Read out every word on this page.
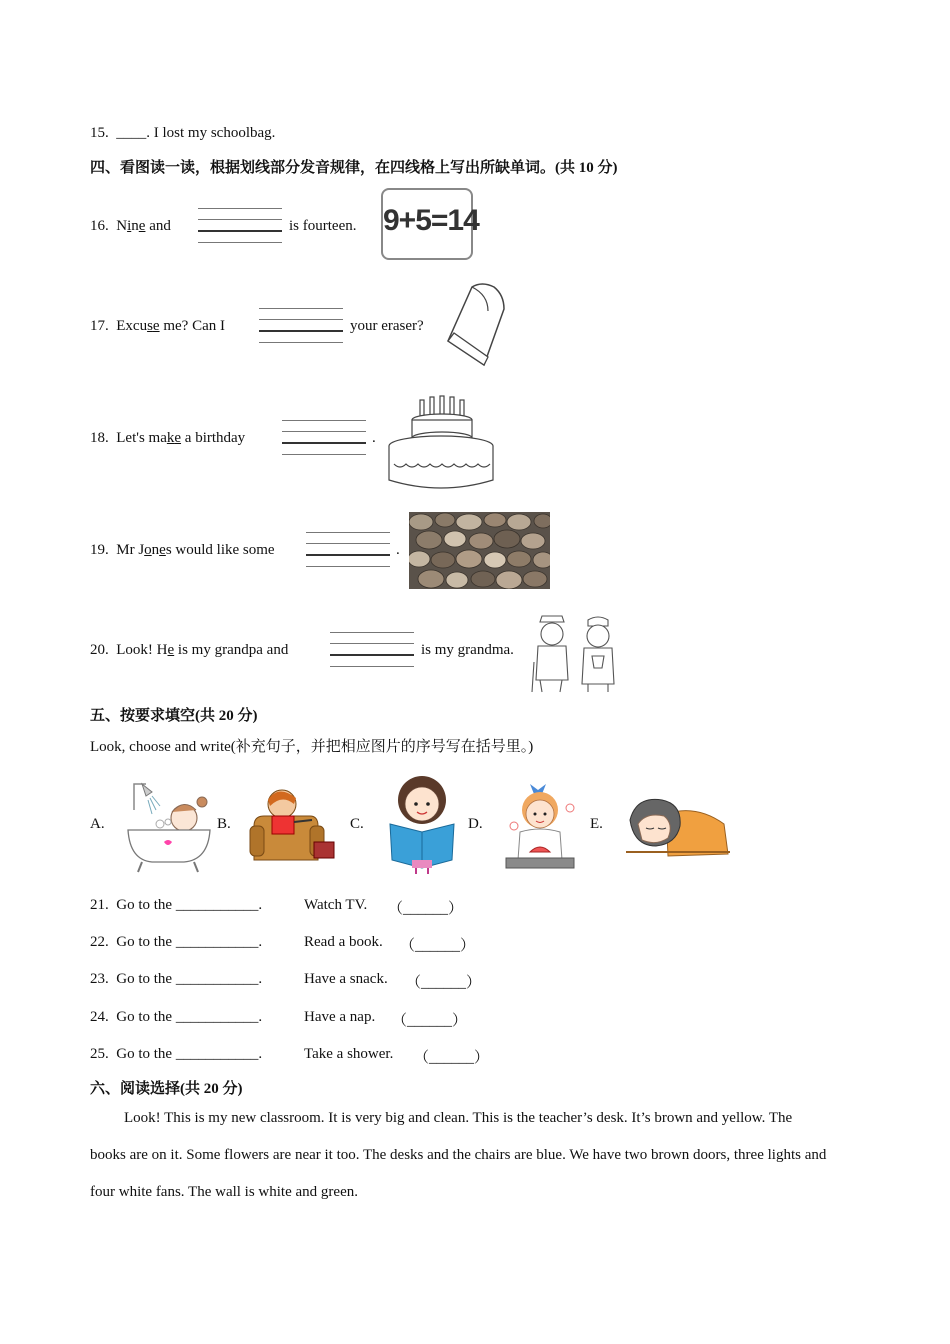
15. ____. I lost my schoolbag.
四、看图读一读，根据划线部分发音规律，在四线格上写出所缺单词。(共 10 分)
16. Nine and	is fourteen. 9+5=14
17. Excuse me? Can I	your eraser?
18. Let's make a birthday	.
19. Mr Jones would like some	.
20. Look! He is my grandpa and	is my grandma.
五、按要求填空(共 20 分)
Look, choose and write(补充句子，并把相应图片的序号写在括号里。)
A.	B.	C.	D.	E.
21. Go to the ___________.	Watch TV. （______）
22. Go to the ___________.	Read a book. （______）
23. Go to the ___________.	Have a snack. （______）
24. Go to the ___________.	Have a nap. （______）
25. Go to the ___________.	Take a shower. （______）
六、阅读选择(共 20 分)
Look! This is my new classroom. It is very big and clean. This is the teacher’s desk. It’s brown and yellow. The books are on it. Some flowers are near it too. The desks and the chairs are blue. We have two brown doors, three lights and four white fans. The wall is white and green.
